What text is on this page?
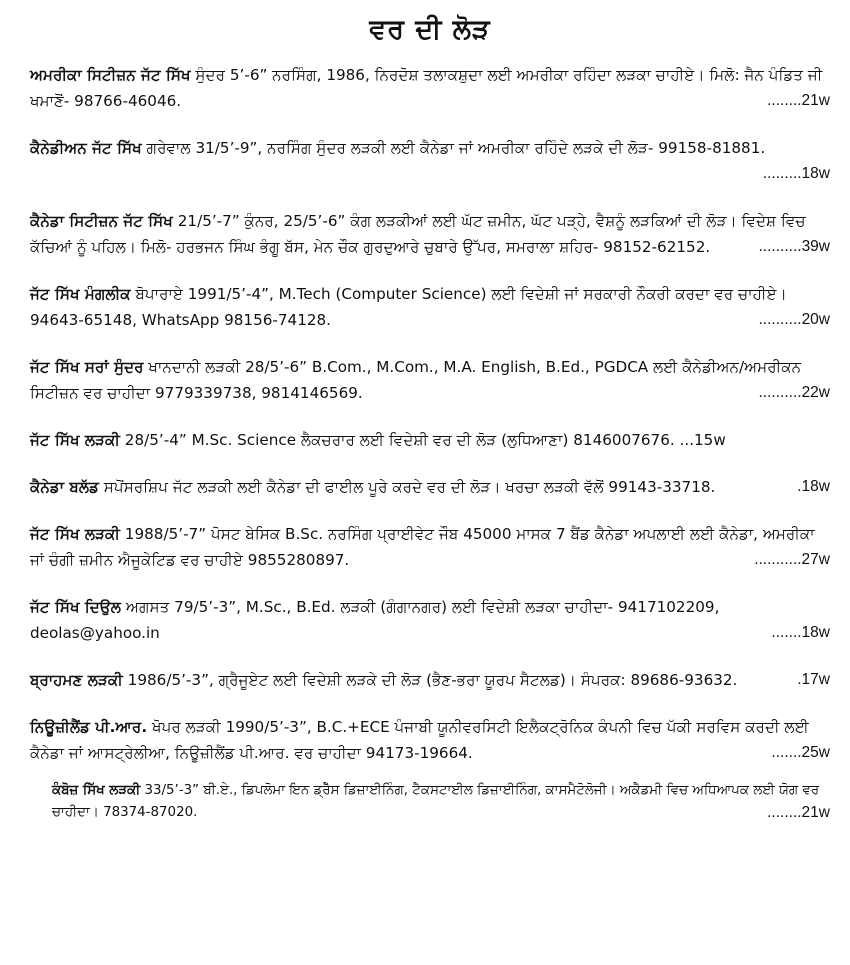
ਵਰ ਦੀ ਲੋੜ
ਅਮਰੀਕਾ ਸਿਟੀਜ਼ਨ ਜੱਟ ਸਿੱਖ ਸੁੰਦਰ 5’-6” ਨਰਸਿੰਗ, 1986, ਨਿਰਦੋਸ਼ ਤਲਾਕਸ਼ੁਦਾ ਲਈ ਅਮਰੀਕਾ ਰਹਿੰਦਾ ਲੜਕਾ ਚਾਹੀਏ। ਮਿਲੋ: ਜੈਨ ਪੰਡਿਤ ਜੀ ਖਮਾਣੋਂ- 98766-46046.	........21w
ਕੈਨੇਡੀਅਨ ਜੱਟ ਸਿੱਖ ਗਰੇਵਾਲ 31/5’-9”, ਨਰਸਿੰਗ ਸੁੰਦਰ ਲੜਕੀ ਲਈ ਕੈਨੇਡਾ ਜਾਂ ਅਮਰੀਕਾ ਰਹਿੰਦੇ ਲੜਕੇ ਦੀ ਲੋੜ- 99158-81881.
.........18w
ਕੈਨੇਡਾ ਸਿਟੀਜ਼ਨ ਜੱਟ ਸਿੱਖ 21/5’-7” ਕੁੰਨਰ, 25/5’-6” ਕੰਗ ਲੜਕੀਆਂ ਲਈ ਘੱਟ ਜ਼ਮੀਨ, ਘੱਟ ਪੜ੍ਹੇ, ਵੈਸ਼ਨੂੰ ਲੜਕਿਆਂ ਦੀ ਲੋੜ। ਵਿਦੇਸ਼ ਵਿਚ ਕੱਚਿਆਂ ਨੂੰ ਪਹਿਲ। ਮਿਲੋ- ਹਰਭਜਨ ਸਿੰਘ ਭੰਗੂ ਬੱਸ, ਮੇਨ ਚੌਕ ਗੁਰਦੁਆਰੇ ਚੁਬਾਰੇ ਉੱਪਰ, ਸਮਰਾਲਾ ਸ਼ਹਿਰ- 98152-62152.	..........39w
ਜੱਟ ਸਿੱਖ ਮੰਗਲੀਕ ਬੋਪਾਰਾਏ 1991/5’-4”, M.Tech (Computer Science) ਲਈ ਵਿਦੇਸ਼ੀ ਜਾਂ ਸਰਕਾਰੀ ਨੌਕਰੀ ਕਰਦਾ ਵਰ ਚਾਹੀਏ। 94643-65148, WhatsApp 98156-74128.	..........20w
ਜੱਟ ਸਿੱਖ ਸਰਾਂ ਸੁੰਦਰ ਖਾਨਦਾਨੀ ਲੜਕੀ 28/5’-6” B.Com., M.Com., M.A. English, B.Ed., PGDCA ਲਈ ਕੈਨੇਡੀਅਨ/ਅਮਰੀਕਨ ਸਿਟੀਜ਼ਨ ਵਰ ਚਾਹੀਦਾ 9779339738, 9814146569.	..........22w
ਜੱਟ ਸਿੱਖ ਲੜਕੀ 28/5’-4” M.Sc. Science ਲੈਕਚਰਾਰ ਲਈ ਵਿਦੇਸ਼ੀ ਵਰ ਦੀ ਲੋੜ (ਲੁਧਿਆਣਾ) 8146007676. ...15w
ਕੈਨੇਡਾ ਬਲੱਡ ਸਪੋਂਸਰਸ਼ਿਪ ਜੱਟ ਲੜਕੀ ਲਈ ਕੈਨੇਡਾ ਦੀ ਫਾਈਲ ਪੂਰੇ ਕਰਦੇ ਵਰ ਦੀ ਲੋੜ। ਖਰਚਾ ਲੜਕੀ ਵੱਲੋਂ 99143-33718.	.18w
ਜੱਟ ਸਿੱਖ ਲੜਕੀ 1988/5’-7” ਪੋਸਟ ਬੇਸਿਕ B.Sc. ਨਰਸਿੰਗ ਪ੍ਰਾਈਵੇਟ ਜੌਬ 45000 ਮਾਸਕ 7 ਬੈਂਡ ਕੈਨੇਡਾ ਅਪਲਾਈ ਲਈ ਕੈਨੇਡਾ, ਅਮਰੀਕਾ ਜਾਂ ਚੰਗੀ ਜ਼ਮੀਨ ਐਜੂਕੇਟਿਡ ਵਰ ਚਾਹੀਏ 9855280897.	...........27w
ਜੱਟ ਸਿੱਖ ਦਿਉਲ ਅਗਸਤ 79/5’-3”, M.Sc., B.Ed. ਲੜਕੀ (ਗੰਗਾਨਗਰ) ਲਈ ਵਿਦੇਸ਼ੀ ਲੜਕਾ ਚਾਹੀਦਾ- 9417102209, deolas@yahoo.in	.......18w
ਬ੍ਰਾਹਮਣ ਲੜਕੀ 1986/5’-3”, ਗ੍ਰੈਜੂਏਟ ਲਈ ਵਿਦੇਸ਼ੀ ਲੜਕੇ ਦੀ ਲੋੜ (ਭੈਣ-ਭਰਾ ਯੂਰਪ ਸੈਟਲਡ)। ਸੰਪਰਕ: 89686-93632.	.17w
ਨਿਊਜ਼ੀਲੈਂਡ ਪੀ.ਆਰ. ਖੋਪਰ ਲੜਕੀ 1990/5’-3”, B.C.+ECE ਪੰਜਾਬੀ ਯੂਨੀਵਰਸਿਟੀ ਇਲੈਕਟ੍ਰੋਨਿਕ ਕੰਪਨੀ ਵਿਚ ਪੱਕੀ ਸਰਵਿਸ ਕਰਦੀ ਲਈ ਕੈਨੇਡਾ ਜਾਂ ਆਸਟ੍ਰੇਲੀਆ, ਨਿਊਜ਼ੀਲੈਂਡ ਪੀ.ਆਰ. ਵਰ ਚਾਹੀਦਾ 94173-19664.	.......25w
ਕੰਬੋਜ਼ ਸਿੱਖ ਲੜਕੀ 33/5’-3” ਬੀ.ਏ., ਡਿਪਲੋਮਾ ਇਨ ਡ੍ਰੈੱਸ ਡਿਜ਼ਾਈਨਿੰਗ, ਟੈਕਸਟਾਈਲ ਡਿਜ਼ਾਈਨਿੰਗ, ਕਾਸਮੈਟੋਲੋਜੀ। ਅਕੈਡਮੀ ਵਿਚ ਅਧਿਆਪਕ ਲਈ ਯੋਗ ਵਰ ਚਾਹੀਦਾ। 78374-87020.	........21w
